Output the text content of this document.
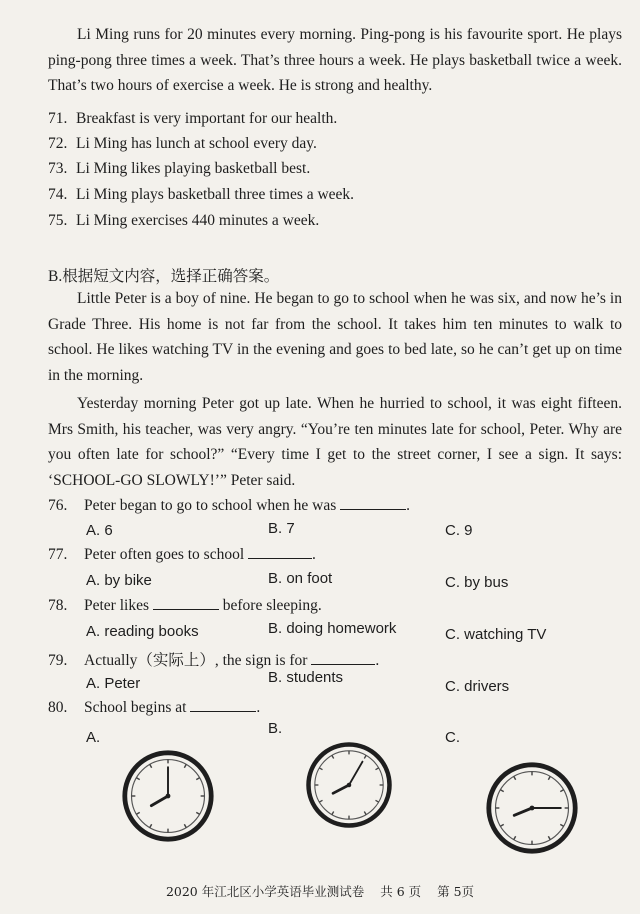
Li Ming runs for 20 minutes every morning. Ping-pong is his favourite sport. He plays ping-pong three times a week. That’s three hours a week. He plays basketball twice a week. That’s two hours of exercise a week. He is strong and healthy.

71. Breakfast is very important for our health.
72. Li Ming has lunch at school every day.
73. Li Ming likes playing basketball best.
74. Li Ming plays basketball three times a week.
75. Li Ming exercises 440 minutes a week.
B.根据短文内容，选择正确答案。

Little Peter is a boy of nine. He began to go to school when he was six, and now he’s in Grade Three. His home is not far from the school. It takes him ten minutes to walk to school. He likes watching TV in the evening and goes to bed late, so he can’t get up on time in the morning.

Yesterday morning Peter got up late. When he hurried to school, it was eight fifteen. Mrs Smith, his teacher, was very angry. “You’re ten minutes late for school, Peter. Why are you often late for school?” “Every time I get to the street corner, I see a sign. It says: ‘SCHOOL-GO SLOWLY!’” Peter said.

76. Peter began to go to school when he was	.
A. 6	B. 7	C. 9
77. Peter often goes to school	.
A. by bike	B. on foot	C. by bus
78. Peter likes	before sleeping.
A. reading books	B. doing homework	C. watching TV
79. Actually（实际上）, the sign is for	.
A. Peter	B. students
C. drivers
80. School begins at	.
A.
B.
C.
2020 年江北区小学英语毕业测试卷 共 6 页 第 5页
